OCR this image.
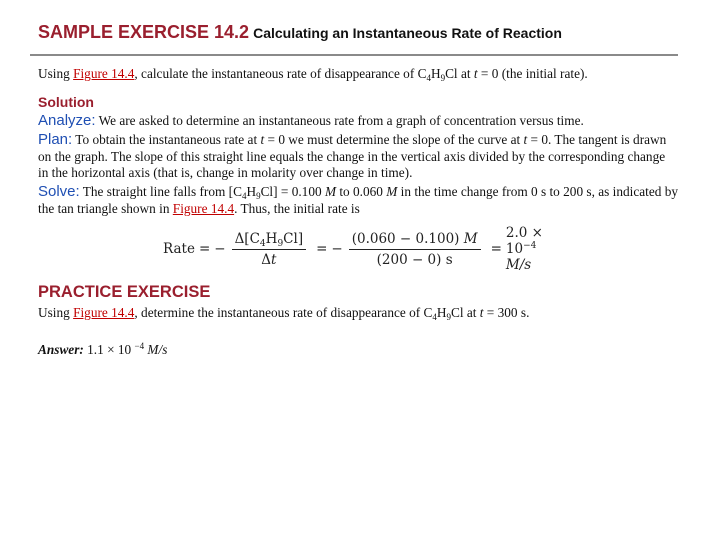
SAMPLE EXERCISE 14.2 Calculating an Instantaneous Rate of Reaction
Using Figure 14.4, calculate the instantaneous rate of disappearance of $C_4H_9Cl$ at t = 0 (the initial rate).
Solution
Analyze: We are asked to determine an instantaneous rate from a graph of concentration versus time.
Plan: To obtain the instantaneous rate at t = 0 we must determine the slope of the curve at t = 0. The tangent is drawn on the graph. The slope of this straight line equals the change in the vertical axis divided by the corresponding change in the horizontal axis (that is, change in molarity over change in time).
Solve: The straight line falls from $[C_4H_9Cl] = 0.100$ M to 0.060 M in the time change from 0 s to 200 s, as indicated by the tan triangle shown in Figure 14.4. Thus, the initial rate is
Rate = − $\frac{\Delta[C_4H_9Cl]}{\Delta t}$ = − $\frac{(0.060 - 0.100) M}{(200 - 0) s}$ =
$2.0 \times 10^{-4}$ M/s
PRACTICE EXERCISE
Using Figure 14.4, determine the instantaneous rate of disappearance of $C_4H_9Cl$ at t = 300 s.
Answer: 1.1 × 10 $^{-4}$ M/s
